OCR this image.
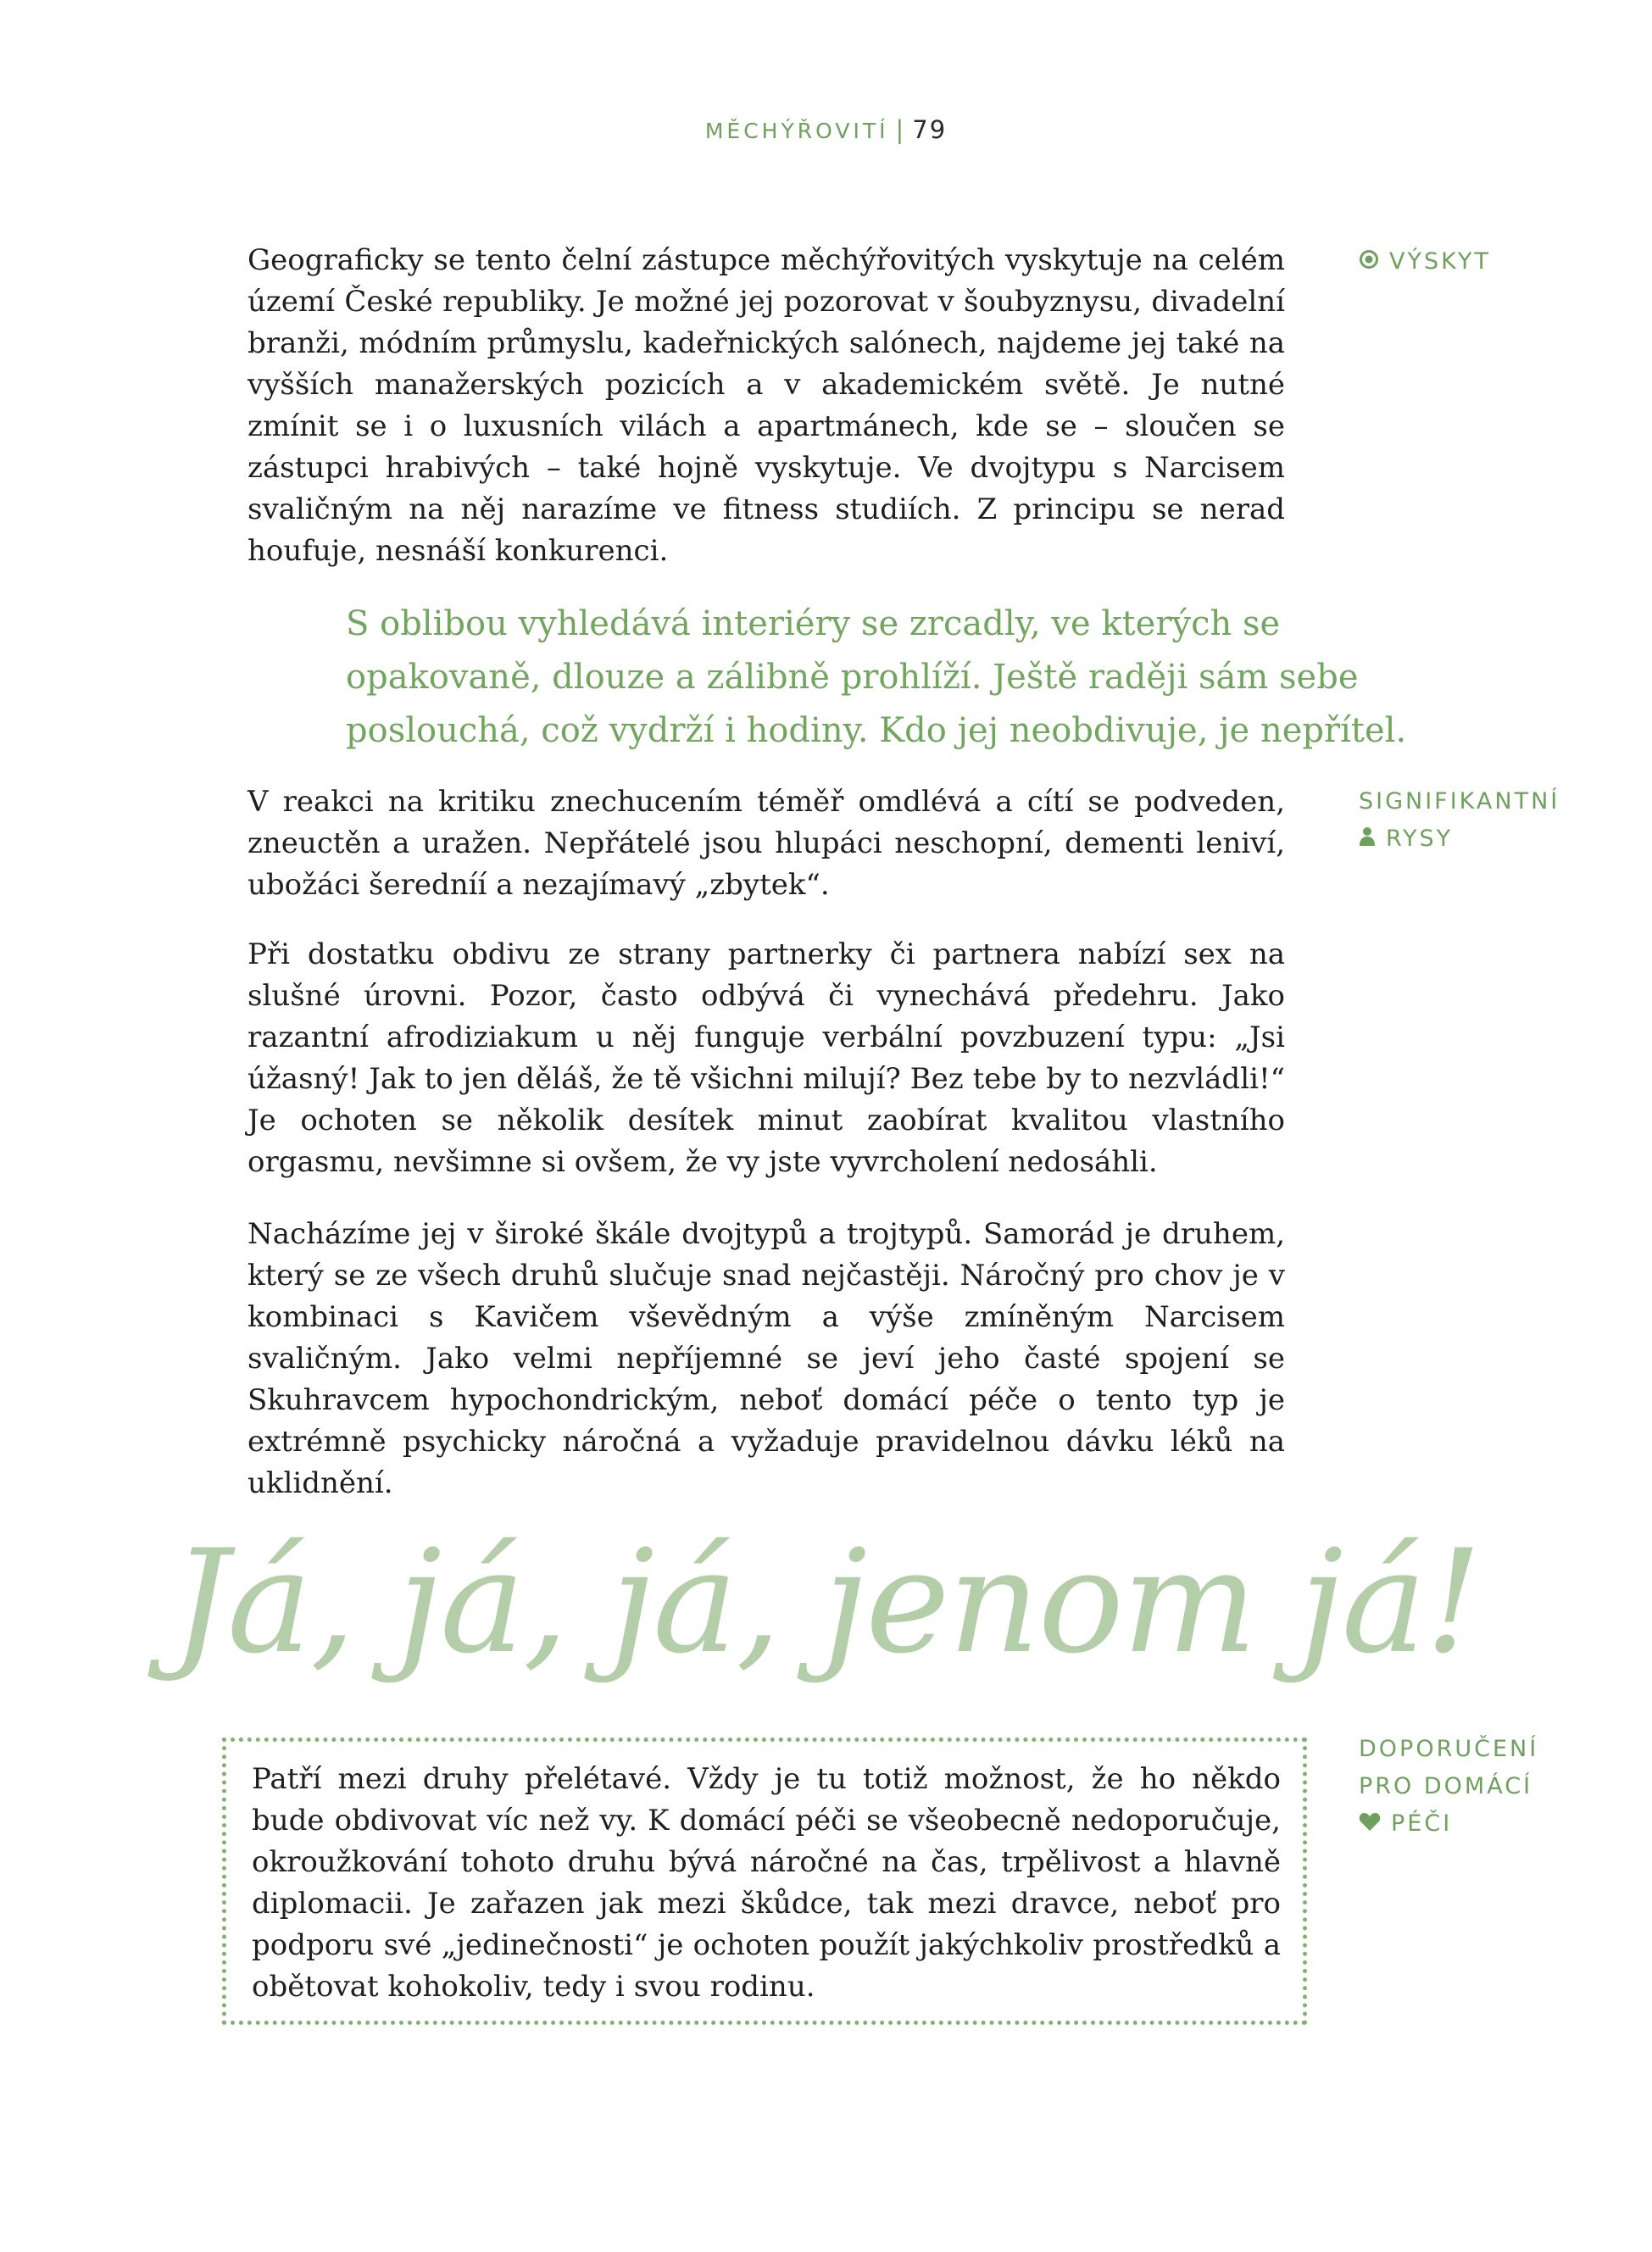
MĚCHÝŘOVITÍ | 79

Geograficky se tento čelní zástupce měchýřovitých vyskytuje na celém území České republiky. Je možné jej pozorovat v šoubyznysu, divadelní branži, módním průmyslu, kadeřnických salónech, najdeme jej také na vyšších manažerských pozicích a v akademickém světě. Je nutné zmínit se i o luxusních vilách a apartmánech, kde se – sloučen se zástupci hrabivých – také hojně vyskytuje. Ve dvojtypu s Narcisem svaličným na něj narazíme ve fitness studiích. Z principu se nerad houfuje, nesnáší konkurenci.

VÝSKYT

S oblibou vyhledává interiéry se zrcadly, ve kterých se opakovaně, dlouze a zálibně prohlíží. Ještě raději sám sebe poslouchá, což vydrží i hodiny. Kdo jej neobdivuje, je nepřítel.

V reakci na kritiku znechucením téměř omdlévá a cítí se podveden, zneuctěn a uražen. Nepřátelé jsou hlupáci neschopní, dementi leniví, ubožáci šeredníí a nezajímavý „zbytek“.

SIGNIFIKANTNÍ
RYSY

Při dostatku obdivu ze strany partnerky či partnera nabízí sex na slušné úrovni. Pozor, často odbývá či vynechává předehru. Jako razantní afrodiziakum u něj funguje verbální povzbuzení typu: „Jsi úžasný! Jak to jen děláš, že tě všichni milují? Bez tebe by to nezvládli!“ Je ochoten se několik desítek minut zaobírat kvalitou vlastního orgasmu, nevšimne si ovšem, že vy jste vyvrcholení nedosáhli.

Nacházíme jej v široké škále dvojtypů a trojtypů. Samorád je druhem, který se ze všech druhů slučuje snad nejčastěji. Náročný pro chov je v kombinaci s Kavičem vševědným a výše zmíněným Narcisem svaličným. Jako velmi nepříjemné se jeví jeho časté spojení se Skuhravcem hypochondrickým, neboť domácí péče o tento typ je extrémně psychicky náročná a vyžaduje pravidelnou dávku léků na uklidnění.

Já, já, já, jenom já!

Patří mezi druhy přelétavé. Vždy je tu totiž možnost, že ho někdo bude obdivovat víc než vy. K domácí péči se všeobecně nedoporučuje, okroužkování tohoto druhu bývá náročné na čas, trpělivost a hlavně diplomacii. Je zařazen jak mezi škůdce, tak mezi dravce, neboť pro podporu své „jedinečnosti“ je ochoten použít jakýchkoliv prostředků a obětovat kohokoliv, tedy i svou rodinu.

DOPORUČENÍ
PRO DOMÁCÍ
PÉČI
